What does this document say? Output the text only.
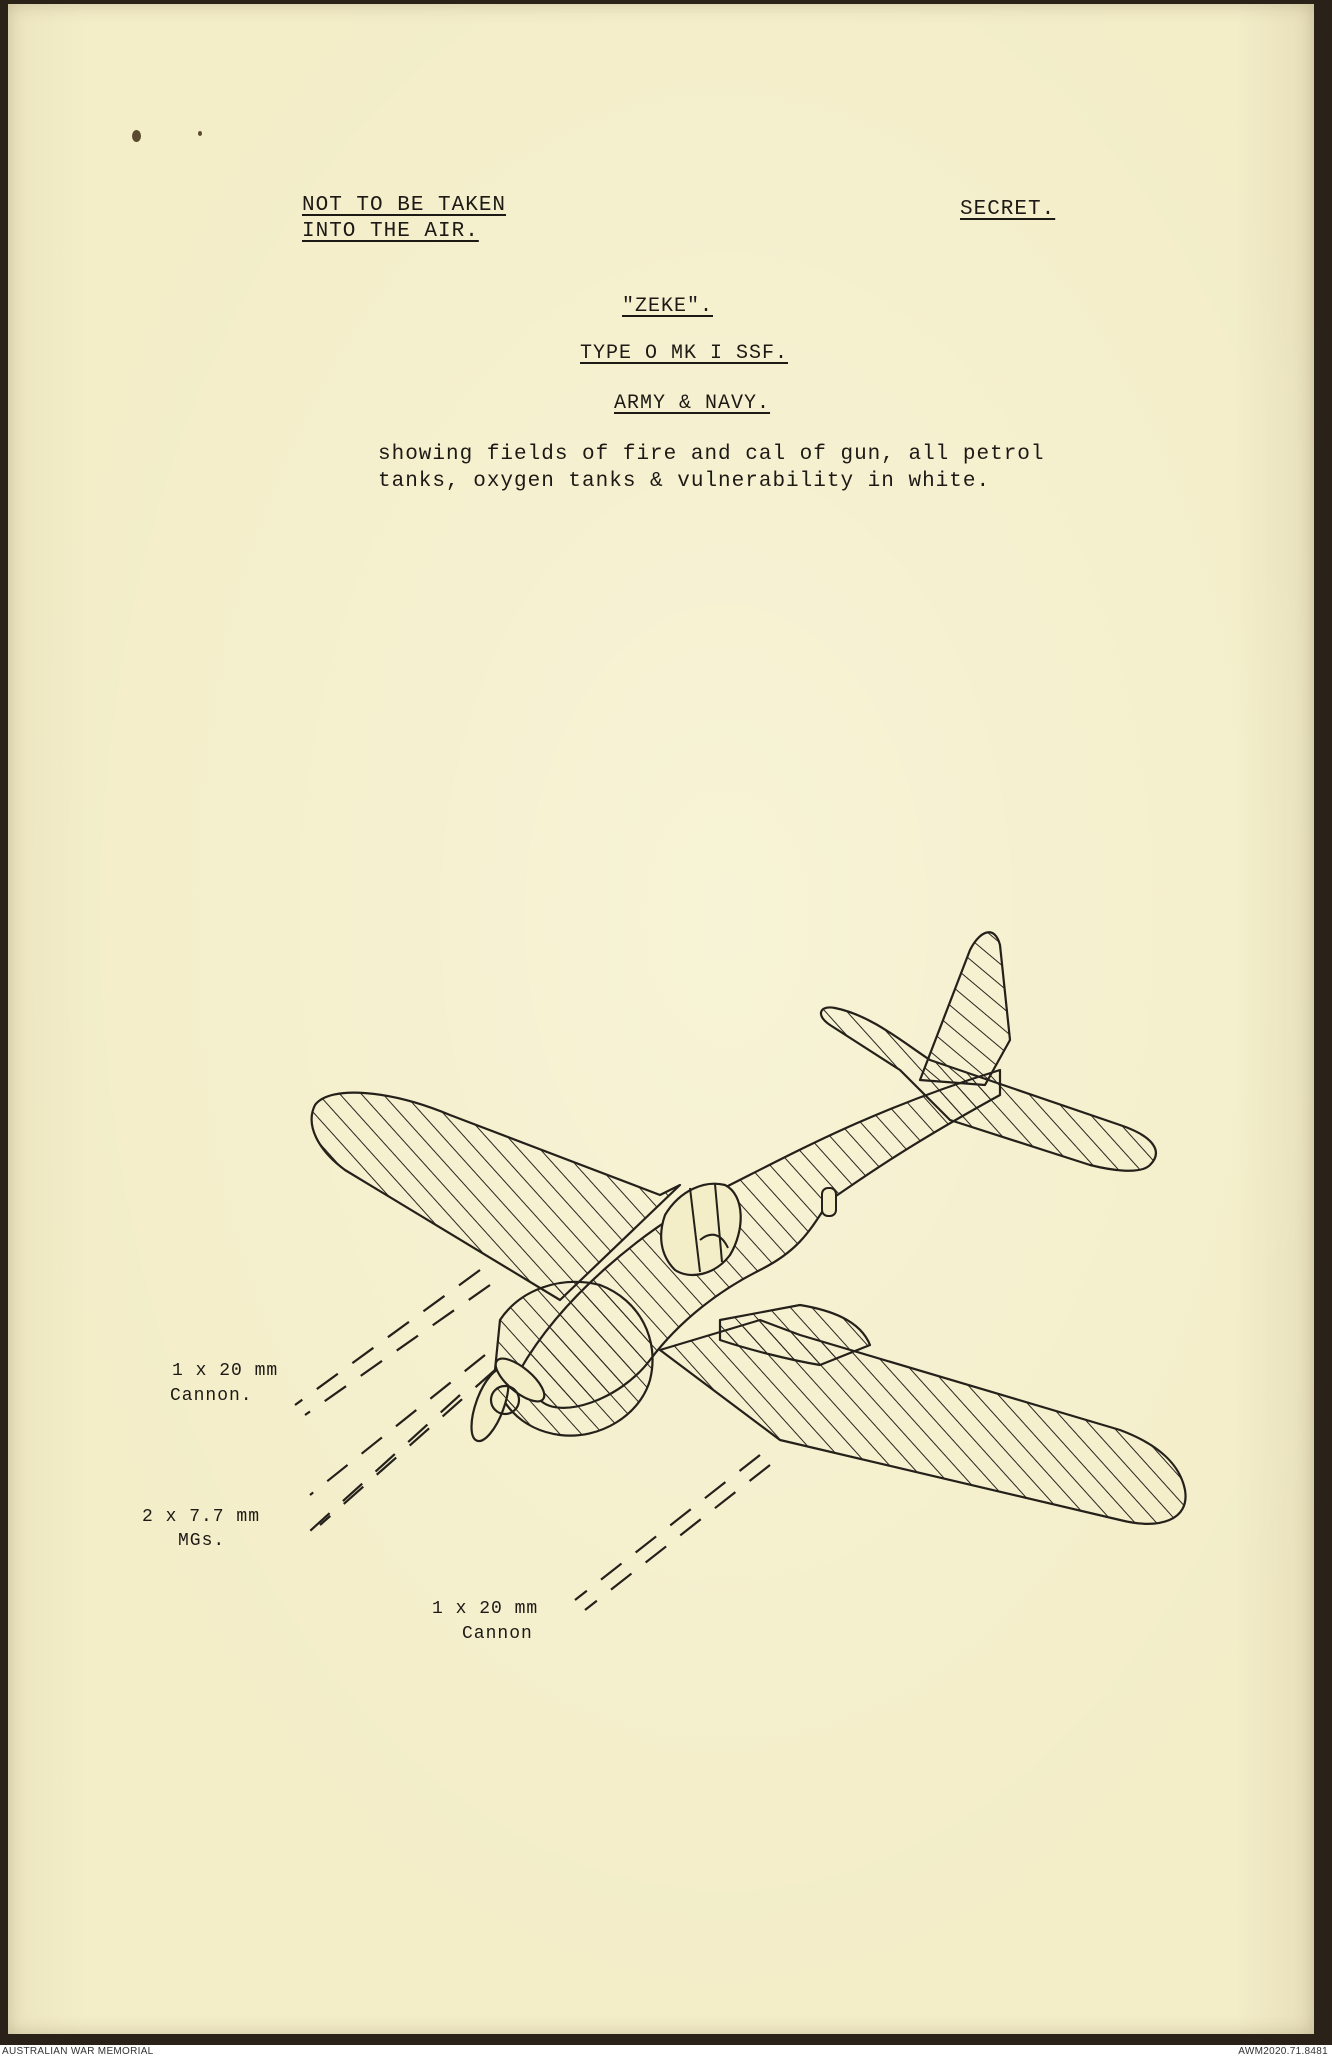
NOT TO BE TAKEN
INTO THE AIR.
SECRET.
"ZEKE".
TYPE O MK I SSF.
ARMY & NAVY.
showing fields of fire and cal of gun, all petrol
tanks, oxygen tanks & vulnerability in white.
1 x 20 mm
Cannon.
2 x 7.7 mm
MGs.
1 x 20 mm
Cannon
AUSTRALIAN WAR MEMORIAL	AWM2020.71.8481
